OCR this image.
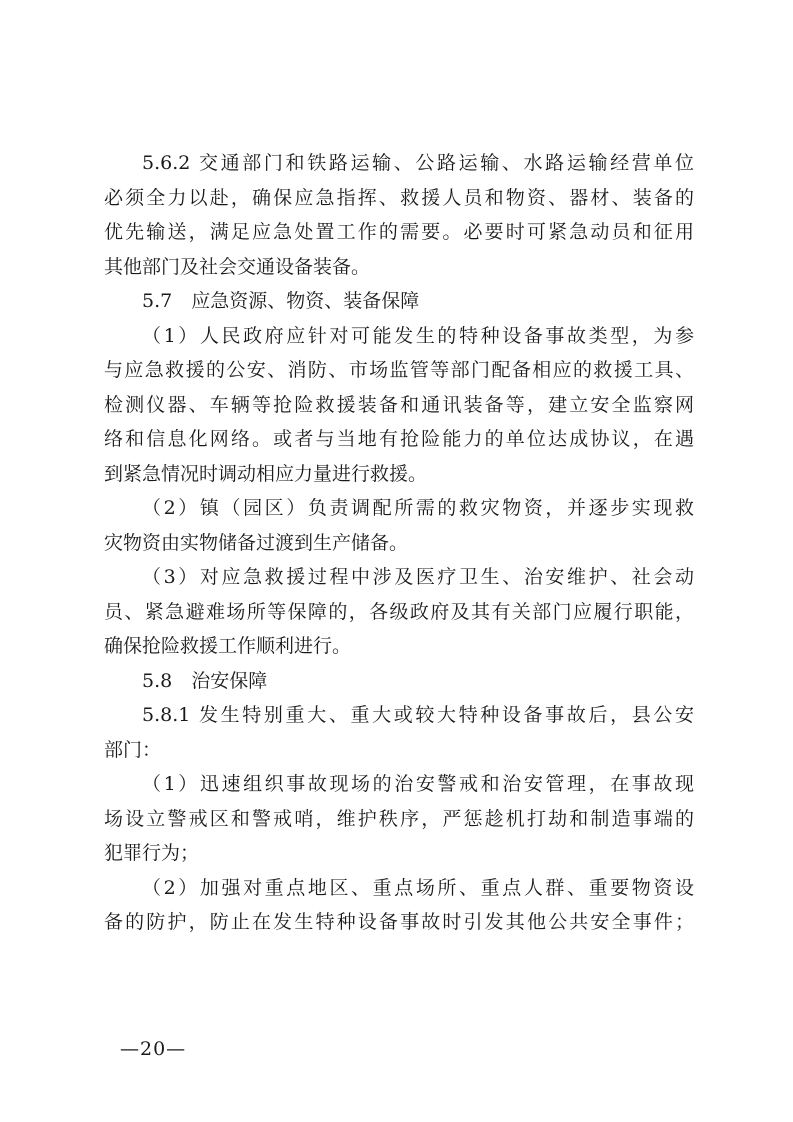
5.6.2 交通部门和铁路运输、公路运输、水路运输经营单位
必须全力以赴，确保应急指挥、救援人员和物资、器材、装备的
优先输送，满足应急处置工作的需要。必要时可紧急动员和征用
其他部门及社会交通设备装备。
5.7　应急资源、物资、装备保障
（1）人民政府应针对可能发生的特种设备事故类型，为参
与应急救援的公安、消防、市场监管等部门配备相应的救援工具、
检测仪器、车辆等抢险救援装备和通讯装备等，建立安全监察网
络和信息化网络。或者与当地有抢险能力的单位达成协议，在遇
到紧急情况时调动相应力量进行救援。
（2）镇（园区）负责调配所需的救灾物资，并逐步实现救
灾物资由实物储备过渡到生产储备。
（3）对应急救援过程中涉及医疗卫生、治安维护、社会动
员、紧急避难场所等保障的，各级政府及其有关部门应履行职能，
确保抢险救援工作顺利进行。
5.8　治安保障
5.8.1 发生特别重大、重大或较大特种设备事故后，县公安
部门：
（1）迅速组织事故现场的治安警戒和治安管理，在事故现
场设立警戒区和警戒哨，维护秩序，严惩趁机打劫和制造事端的
犯罪行为；
（2）加强对重点地区、重点场所、重点人群、重要物资设
备的防护，防止在发生特种设备事故时引发其他公共安全事件；
—20—
